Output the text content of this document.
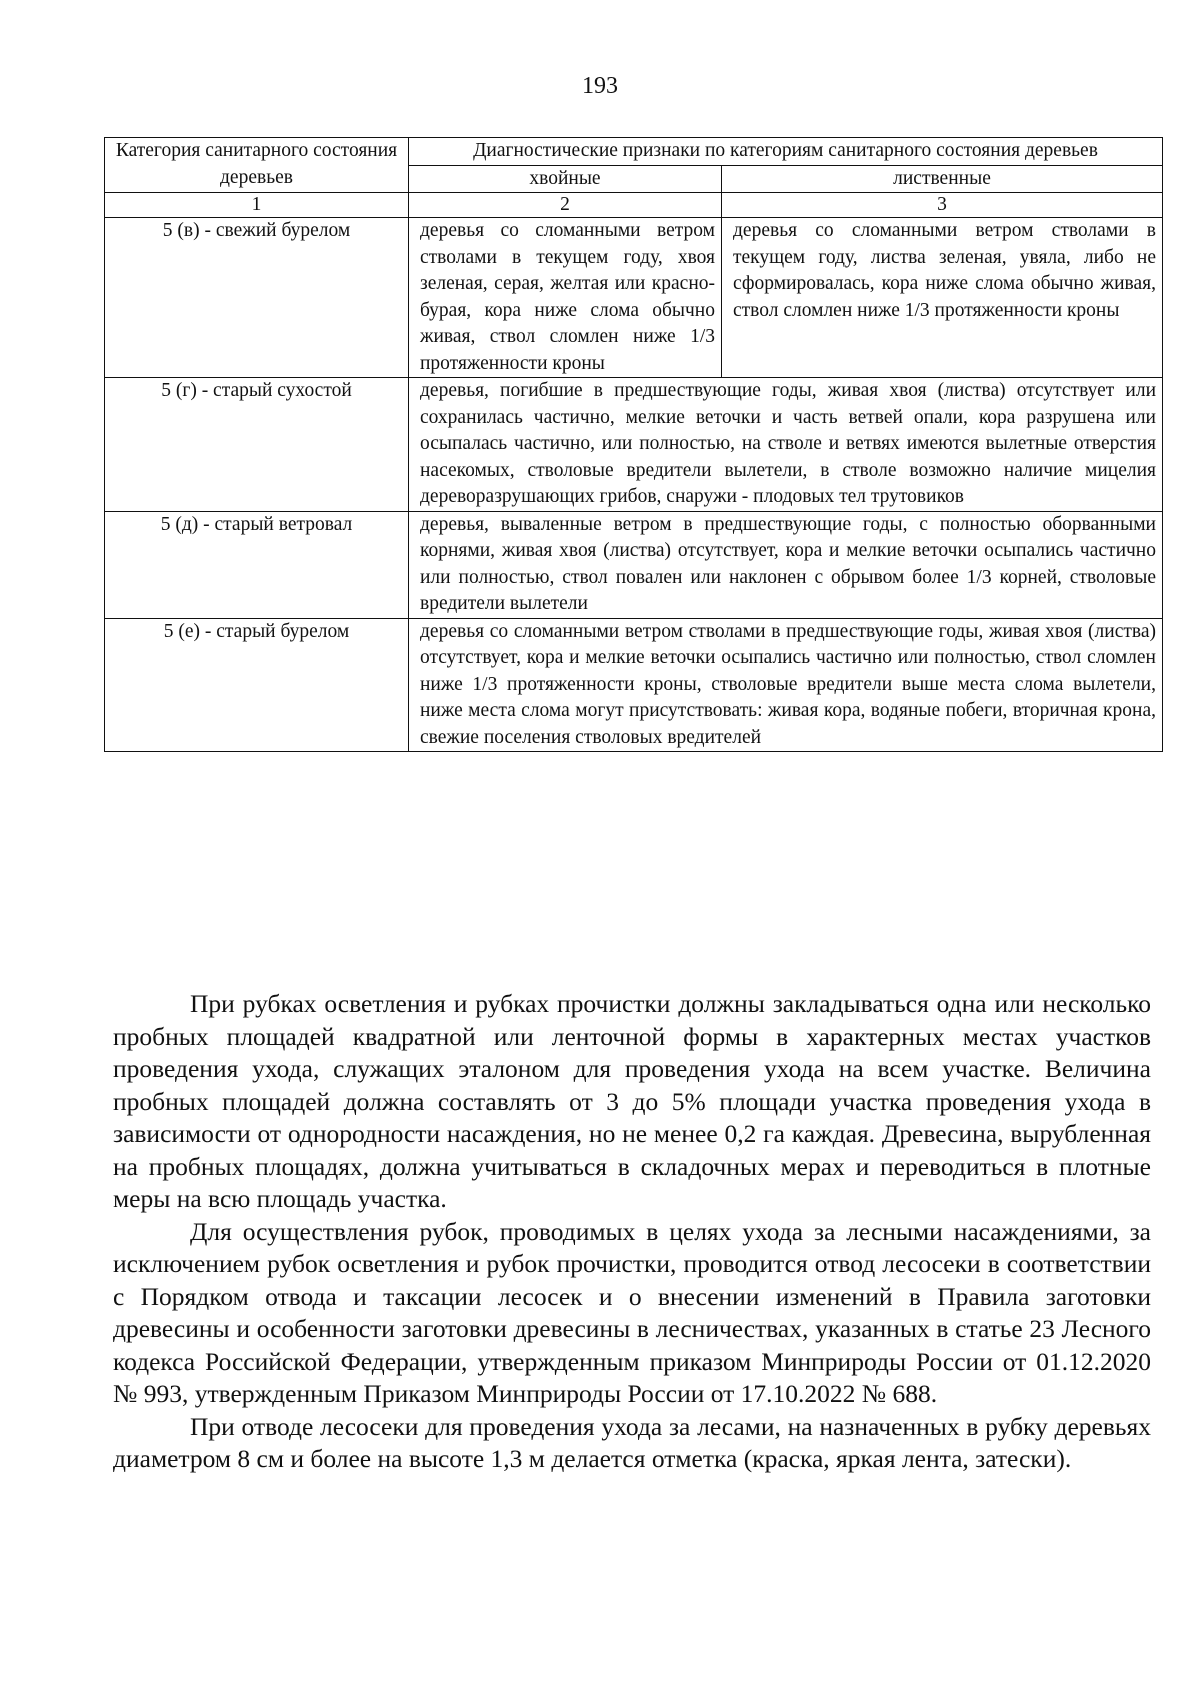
193
Категория санитарного состояния деревьев	Диагностические признаки по категориям санитарного состояния деревьев	
	хвойные	лиственные
1	2	3
5 (в) - свежий бурелом	деревья со сломанными ветром стволами в текущем году, хвоя зеленая, серая, желтая или красно-бурая, кора ниже слома обычно живая, ствол сломлен ниже 1/3 протяженности кроны	деревья со сломанными ветром стволами в текущем году, листва зеленая, увяла, либо не сформировалась, кора ниже слома обычно живая, ствол сломлен ниже 1/3 протяженности кроны
5 (г) - старый сухостой	деревья, погибшие в предшествующие годы, живая хвоя (листва) отсутствует или сохранилась частично, мелкие веточки и часть ветвей опали, кора разрушена или осыпалась частично, или полностью, на стволе и ветвях имеются вылетные отверстия насекомых, стволовые вредители вылетели, в стволе возможно наличие мицелия дереворазрушающих грибов, снаружи - плодовых тел трутовиков	
5 (д) - старый ветровал	деревья, вываленные ветром в предшествующие годы, с полностью оборванными корнями, живая хвоя (листва) отсутствует, кора и мелкие веточки осыпались частично или полностью, ствол повален или наклонен с обрывом более 1/3 корней, стволовые вредители вылетели	
5 (е) - старый бурелом	деревья со сломанными ветром стволами в предшествующие годы, живая хвоя (листва) отсутствует, кора и мелкие веточки осыпались частично или полностью, ствол сломлен ниже 1/3 протяженности кроны, стволовые вредители выше места слома вылетели, ниже места слома могут присутствовать: живая кора, водяные побеги, вторичная крона, свежие поселения стволовых вредителей	

При рубках осветления и рубках прочистки должны закладываться одна или несколько пробных площадей квадратной или ленточной формы в характерных местах участков проведения ухода, служащих эталоном для проведения ухода на всем участке. Величина пробных площадей должна составлять от 3 до 5% площади участка проведения ухода в зависимости от однородности насаждения, но не менее 0,2 га каждая. Древесина, вырубленная на пробных площадях, должна учитываться в складочных мерах и переводиться в плотные меры на всю площадь участка.

Для осуществления рубок, проводимых в целях ухода за лесными насаждениями, за исключением рубок осветления и рубок прочистки, проводится отвод лесосеки в соответствии с Порядком отвода и таксации лесосек и о внесении изменений в Правила заготовки древесины и особенности заготовки древесины в лесничествах, указанных в статье 23 Лесного кодекса Российской Федерации, утвержденным приказом Минприроды России от 01.12.2020 № 993, утвержденным Приказом Минприроды России от 17.10.2022 № 688.

При отводе лесосеки для проведения ухода за лесами, на назначенных в рубку деревьях диаметром 8 см и более на высоте 1,3 м делается отметка (краска, яркая лента, затески).
